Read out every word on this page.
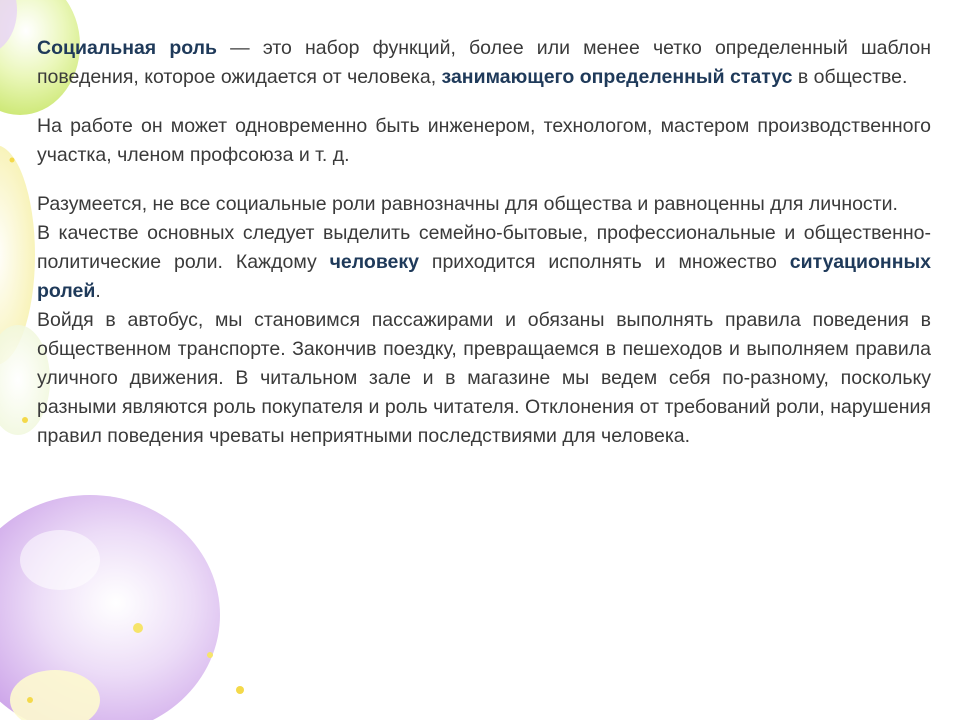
Социальная роль — это набор функций, более или менее четко определенный шаблон поведения, которое ожидается от человека, занимающего определенный статус в обществе.

На работе он может одновременно быть инженером, технологом, мастером производственного участка, членом профсоюза и т. д.

Разумеется, не все социальные роли равнозначны для общества и равноценны для личности.

В качестве основных следует выделить семейно-бытовые, профессиональные и общественно-политические роли. Каждому человеку приходится исполнять и множество ситуационных ролей.

Войдя в автобус, мы становимся пассажирами и обязаны выполнять правила поведения в общественном транспорте. Закончив поездку, превращаемся в пешеходов и выполняем правила уличного движения. В читальном зале и в магазине мы ведем себя по-разному, поскольку разными являются роль покупателя и роль читателя. Отклонения от требований роли, нарушения правил поведения чреваты неприятными последствиями для человека.
